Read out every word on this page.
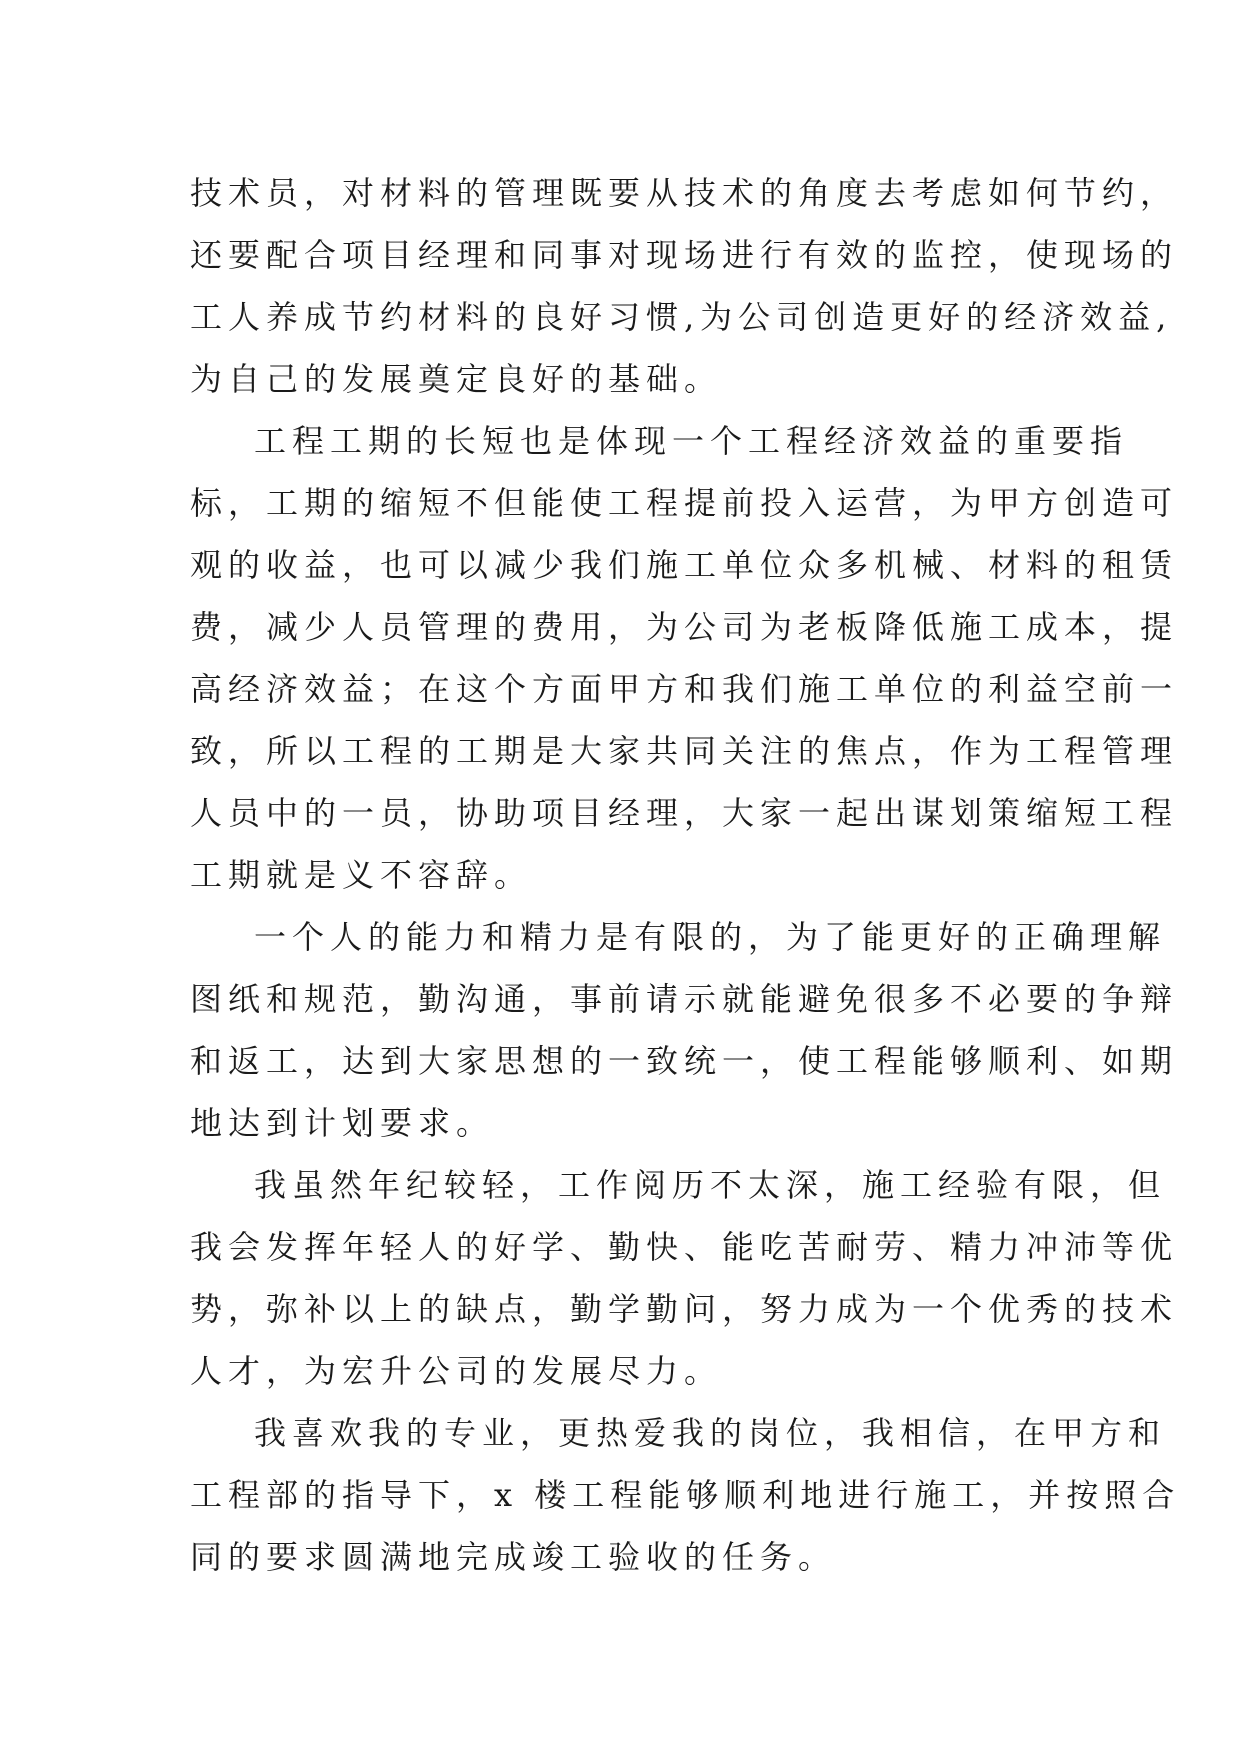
技术员，对材料的管理既要从技术的角度去考虑如何节约，
还要配合项目经理和同事对现场进行有效的监控，使现场的
工人养成节约材料的良好习惯,为公司创造更好的经济效益,
为自己的发展奠定良好的基础。
工程工期的长短也是体现一个工程经济效益的重要指
标，工期的缩短不但能使工程提前投入运营，为甲方创造可
观的收益，也可以减少我们施工单位众多机械、材料的租赁
费，减少人员管理的费用，为公司为老板降低施工成本，提
高经济效益；在这个方面甲方和我们施工单位的利益空前一
致，所以工程的工期是大家共同关注的焦点，作为工程管理
人员中的一员，协助项目经理，大家一起出谋划策缩短工程
工期就是义不容辞。
一个人的能力和精力是有限的，为了能更好的正确理解
图纸和规范，勤沟通，事前请示就能避免很多不必要的争辩
和返工，达到大家思想的一致统一，使工程能够顺利、如期
地达到计划要求。
我虽然年纪较轻，工作阅历不太深，施工经验有限，但
我会发挥年轻人的好学、勤快、能吃苦耐劳、精力冲沛等优
势，弥补以上的缺点，勤学勤问，努力成为一个优秀的技术
人才，为宏升公司的发展尽力。
我喜欢我的专业，更热爱我的岗位，我相信，在甲方和
工程部的指导下，x 楼工程能够顺利地进行施工，并按照合
同的要求圆满地完成竣工验收的任务。
